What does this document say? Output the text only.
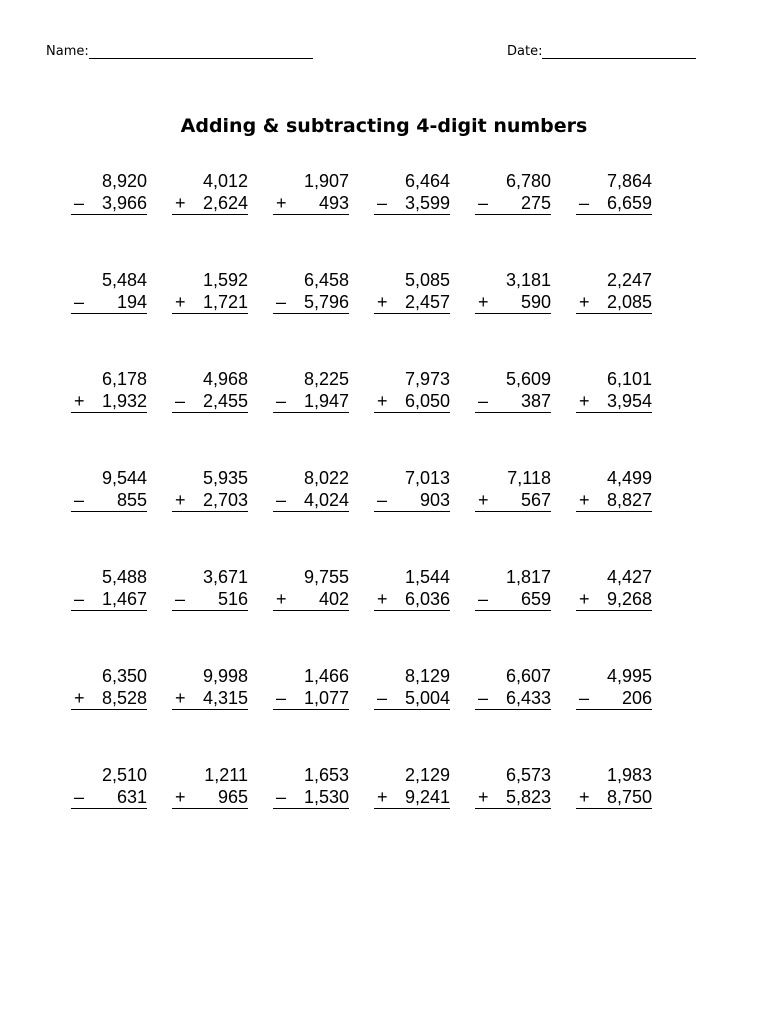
Name:	Date:
Adding & subtracting 4-digit numbers
8,920
– 3,966
4,012
+ 2,624
1,907
+ 493
6,464
– 3,599
6,780
– 275
7,864
– 6,659
5,484
– 194
1,592
+ 1,721
6,458
– 5,796
5,085
+ 2,457
3,181
+ 590
2,247
+ 2,085
6,178
+ 1,932
4,968
– 2,455
8,225
– 1,947
7,973
+ 6,050
5,609
– 387
6,101
+ 3,954
9,544
– 855
5,935
+ 2,703
8,022
– 4,024
7,013
– 903
7,118
+ 567
4,499
+ 8,827
5,488
– 1,467
3,671
– 516
9,755
+ 402
1,544
+ 6,036
1,817
– 659
4,427
+ 9,268
6,350
+ 8,528
9,998
+ 4,315
1,466
– 1,077
8,129
– 5,004
6,607
– 6,433
4,995
– 206
2,510
– 631
1,211
+ 965
1,653
– 1,530
2,129
+ 9,241
6,573
+ 5,823
1,983
+ 8,750
